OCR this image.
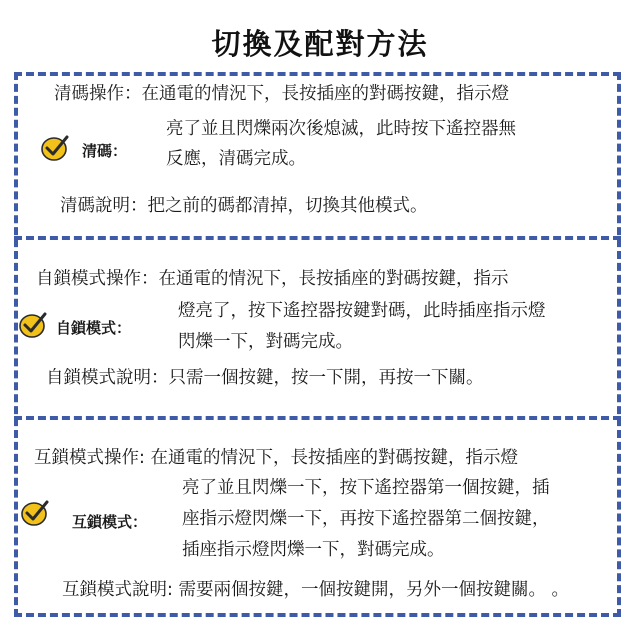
切換及配對方法
清碼操作：在通電的情況下，長按插座的對碼按鍵，指示燈
亮了並且閃爍兩次後熄滅，此時按下遙控器無
反應，清碼完成。
清碼：
清碼說明：把之前的碼都清掉，切換其他模式。
自鎖模式操作：在通電的情況下，長按插座的對碼按鍵，指示
燈亮了，按下遙控器按鍵對碼，此時插座指示燈
閃爍一下，對碼完成。
自鎖模式：
自鎖模式說明：只需一個按鍵，按一下開，再按一下關。
互鎖模式操作: 在通電的情況下，長按插座的對碼按鍵，指示燈
亮了並且閃爍一下，按下遙控器第一個按鍵，插
座指示燈閃爍一下，再按下遙控器第二個按鍵，
插座指示燈閃爍一下，對碼完成。
互鎖模式：
互鎖模式說明: 需要兩個按鍵，一個按鍵開，另外一個按鍵關。 。
